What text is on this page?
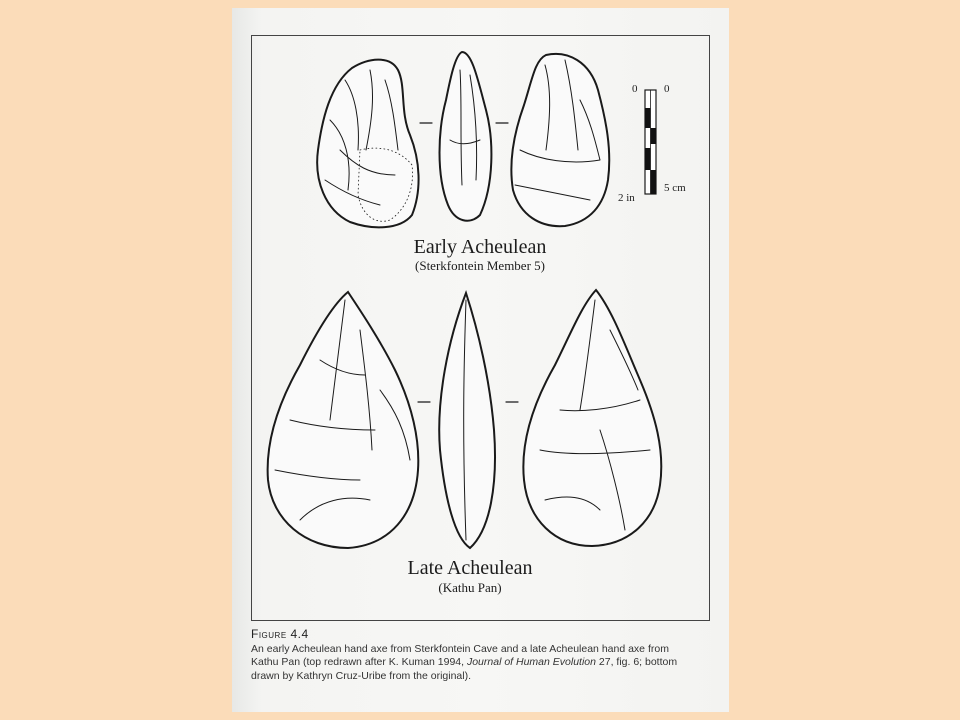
0 0
2 in
5 cm
Early Acheulean
(Sterkfontein Member 5)
Late Acheulean
(Kathu Pan)
Figure 4.4
An early Acheulean hand axe from Sterkfontein Cave and a late Acheulean hand axe from
Kathu Pan (top redrawn after K. Kuman 1994, Journal of Human Evolution 27, fig. 6; bottom
drawn by Kathryn Cruz-Uribe from the original).
